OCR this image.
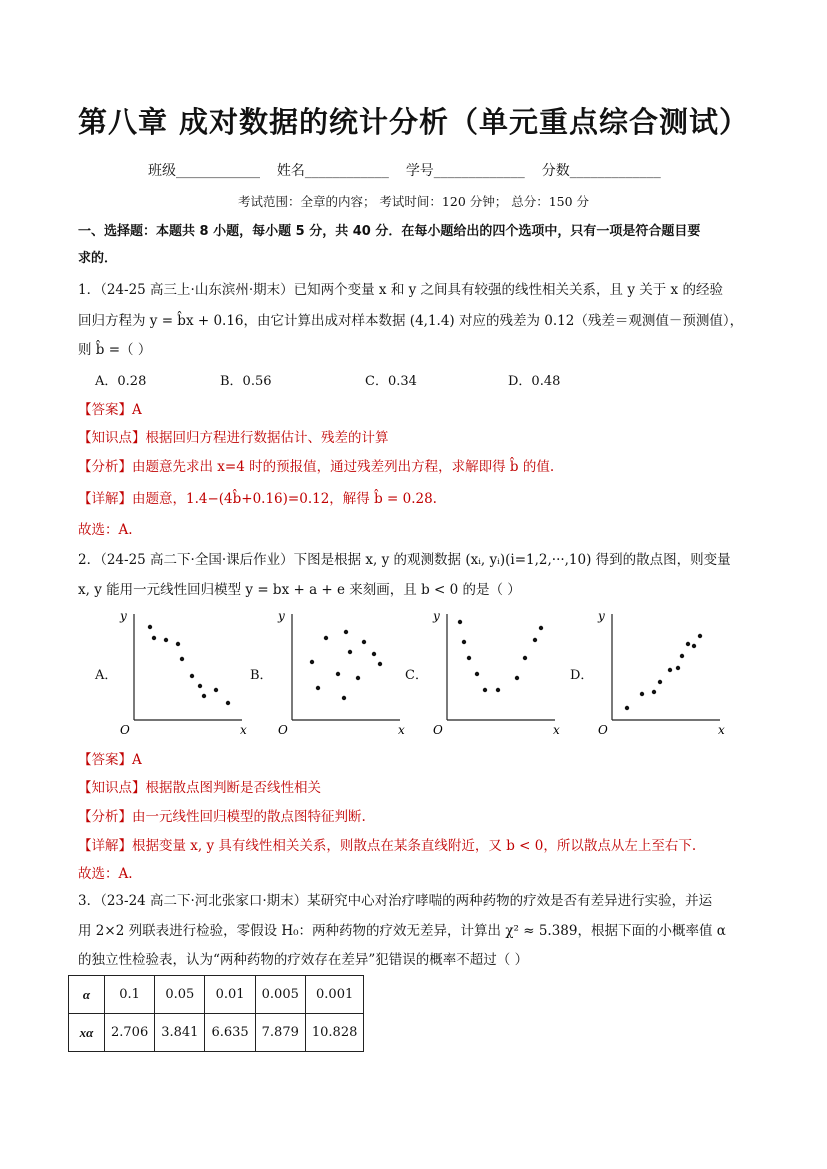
第八章 成对数据的统计分析（单元重点综合测试）
班级____________ 姓名____________ 学号_____________ 分数_____________
考试范围：全章的内容； 考试时间：120 分钟； 总分：150 分
一、选择题：本题共 8 小题，每小题 5 分，共 40 分．在每小题给出的四个选项中，只有一项是符合题目要
求的．
1．（24-25 高三上·山东滨州·期末）已知两个变量 x 和 y 之间具有较强的线性相关关系，且 y 关于 x 的经验
回归方程为 y = b̂x + 0.16，由它计算出成对样本数据 (4,1.4) 对应的残差为 0.12（残差＝观测值－预测值），
则 b̂ =（ ）
A．0.28	B．0.56	C．0.34	D．0.48
【答案】A
【知识点】根据回归方程进行数据估计、残差的计算
【分析】由题意先求出 x=4 时的预报值，通过残差列出方程，求解即得 b̂ 的值.
【详解】由题意，1.4−(4b̂+0.16)=0.12，解得 b̂ = 0.28.
故选：A.
2．（24-25 高二下·全国·课后作业）下图是根据 x, y 的观测数据 (xᵢ, yᵢ)(i=1,2,···,10) 得到的散点图，则变量
x, y 能用一元线性回归模型 y = bx + a + e 来刻画，且 b < 0 的是（ ）
A．
y
x
O
B．
y
x
O
C．
y
x
O
D．
y
x
O
【答案】A
【知识点】根据散点图判断是否线性相关
【分析】由一元线性回归模型的散点图特征判断.
【详解】根据变量 x, y 具有线性相关关系，则散点在某条直线附近，又 b < 0，所以散点从左上至右下.
故选：A.
3．（23-24 高二下·河北张家口·期末）某研究中心对治疗哮喘的两种药物的疗效是否有差异进行实验，并运
用 2×2 列联表进行检验，零假设 H₀：两种药物的疗效无差异，计算出 χ² ≈ 5.389，根据下面的小概率值 α
的独立性检验表，认为“两种药物的疗效存在差异”犯错误的概率不超过（ ）
α	0.1	0.05	0.01	0.005	0.001
xα	2.706	3.841	6.635	7.879	10.828
